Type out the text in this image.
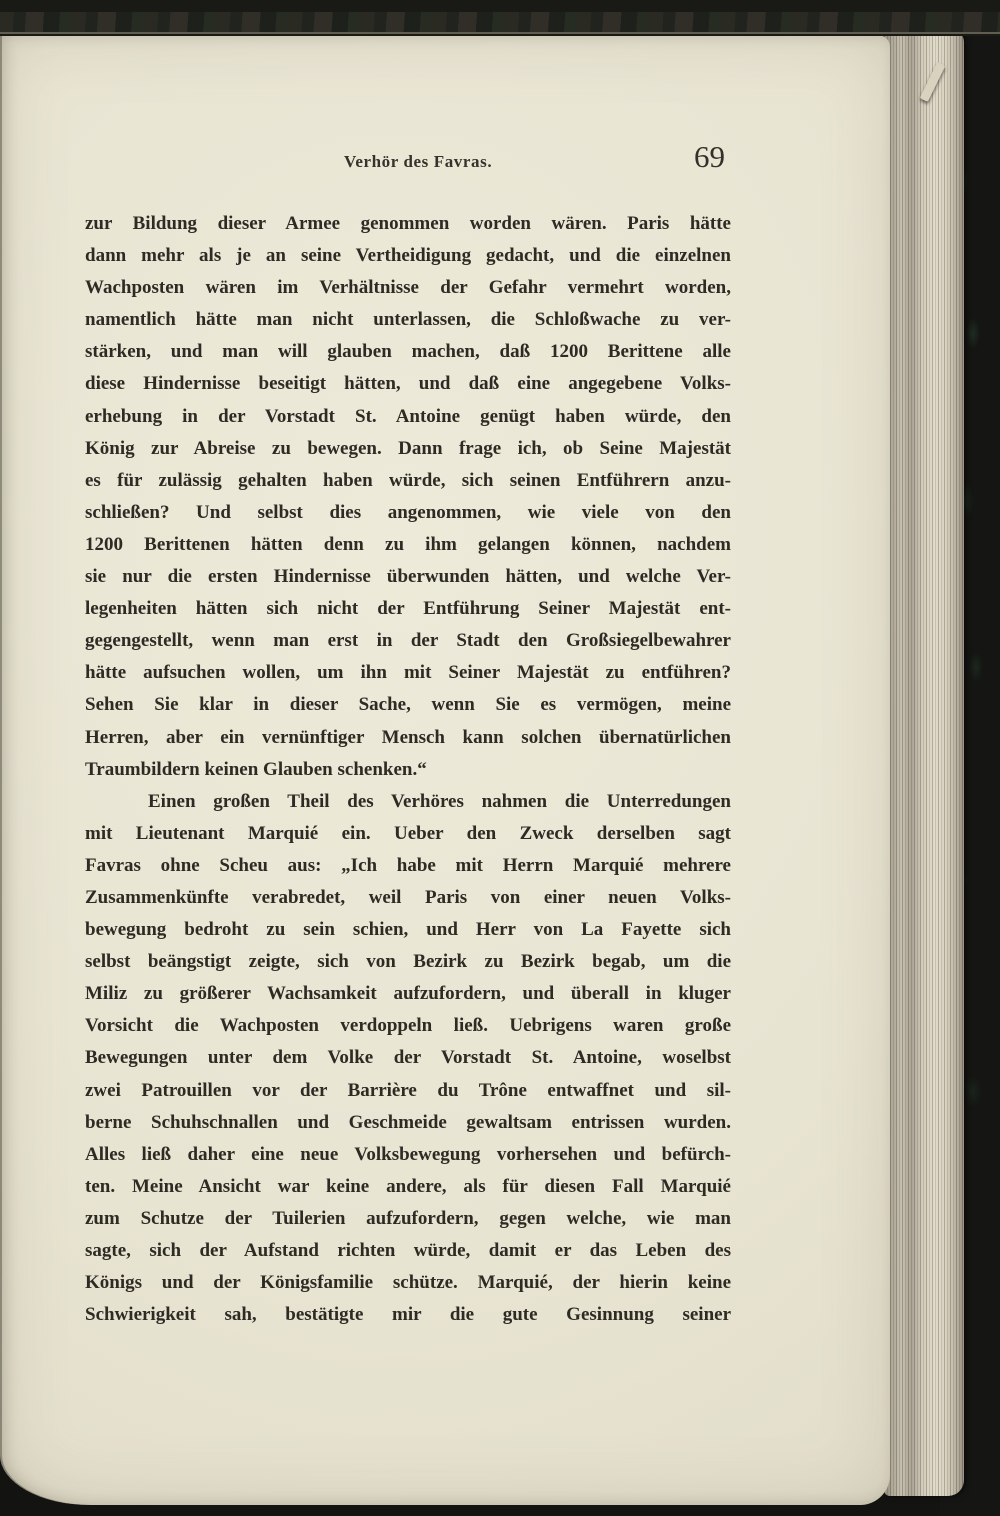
Verhör des Favras.	69
zur Bildung dieser Armee genommen worden wären. Paris hätte
dann mehr als je an seine Vertheidigung gedacht, und die einzelnen
Wachposten wären im Verhältnisse der Gefahr vermehrt worden,
namentlich hätte man nicht unterlassen, die Schloßwache zu ver-
stärken, und man will glauben machen, daß 1200 Berittene alle
diese Hindernisse beseitigt hätten, und daß eine angegebene Volks-
erhebung in der Vorstadt St. Antoine genügt haben würde, den
König zur Abreise zu bewegen. Dann frage ich, ob Seine Majestät
es für zulässig gehalten haben würde, sich seinen Entführern anzu-
schließen? Und selbst dies angenommen, wie viele von den
1200 Berittenen hätten denn zu ihm gelangen können, nachdem
sie nur die ersten Hindernisse überwunden hätten, und welche Ver-
legenheiten hätten sich nicht der Entführung Seiner Majestät ent-
gegengestellt, wenn man erst in der Stadt den Großsiegelbewahrer
hätte aufsuchen wollen, um ihn mit Seiner Majestät zu entführen?
Sehen Sie klar in dieser Sache, wenn Sie es vermögen, meine
Herren, aber ein vernünftiger Mensch kann solchen übernatürlichen
Traumbildern keinen Glauben schenken.“
Einen großen Theil des Verhöres nahmen die Unterredungen
mit Lieutenant Marquié ein. Ueber den Zweck derselben sagt
Favras ohne Scheu aus: „Ich habe mit Herrn Marquié mehrere
Zusammenkünfte verabredet, weil Paris von einer neuen Volks-
bewegung bedroht zu sein schien, und Herr von La Fayette sich
selbst beängstigt zeigte, sich von Bezirk zu Bezirk begab, um die
Miliz zu größerer Wachsamkeit aufzufordern, und überall in kluger
Vorsicht die Wachposten verdoppeln ließ. Uebrigens waren große
Bewegungen unter dem Volke der Vorstadt St. Antoine, woselbst
zwei Patrouillen vor der Barrière du Trône entwaffnet und sil-
berne Schuhschnallen und Geschmeide gewaltsam entrissen wurden.
Alles ließ daher eine neue Volksbewegung vorhersehen und befürch-
ten. Meine Ansicht war keine andere, als für diesen Fall Marquié
zum Schutze der Tuilerien aufzufordern, gegen welche, wie man
sagte, sich der Aufstand richten würde, damit er das Leben des
Königs und der Königsfamilie schütze. Marquié, der hierin keine
Schwierigkeit sah, bestätigte mir die gute Gesinnung seiner
